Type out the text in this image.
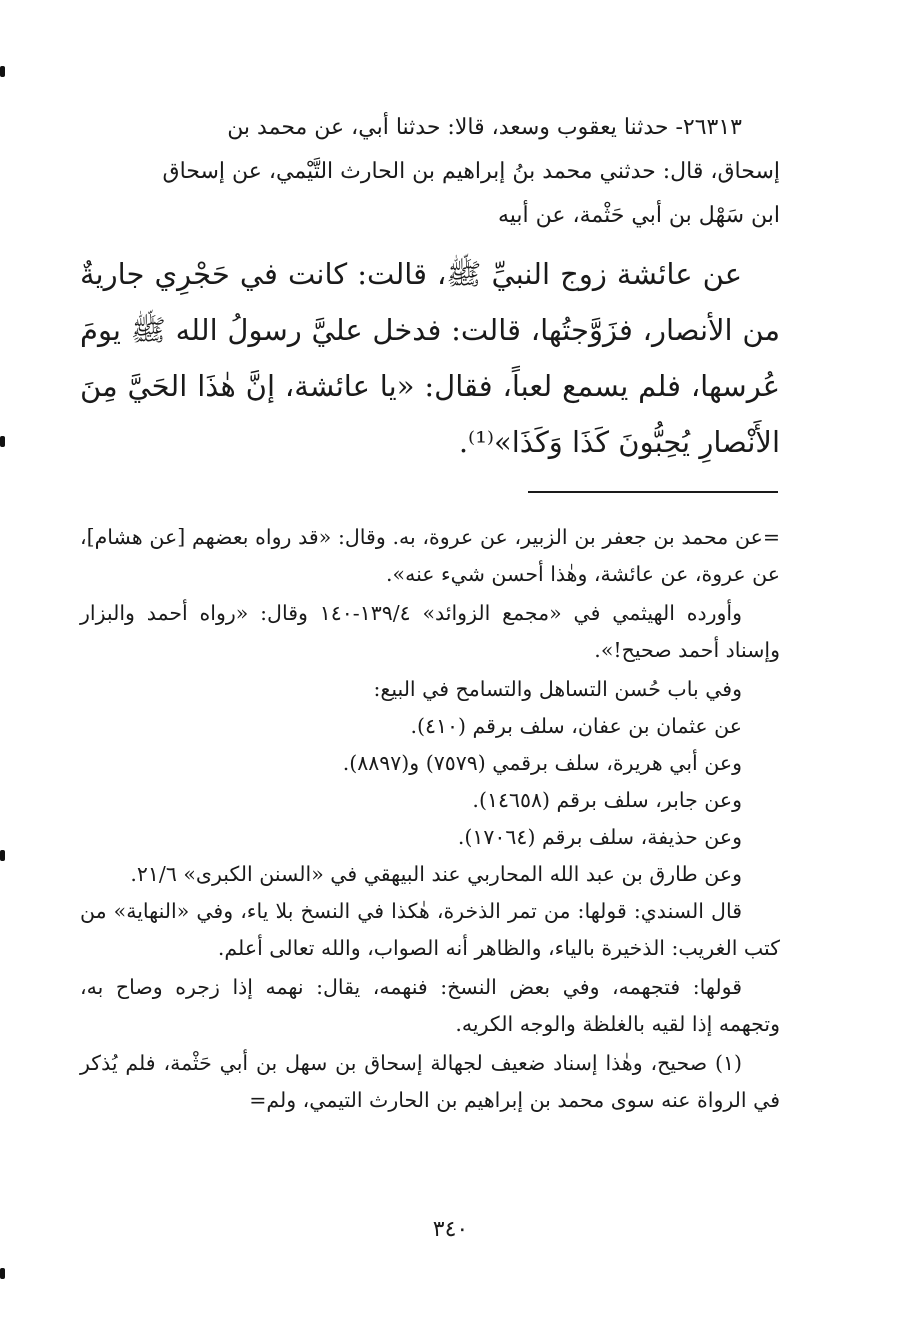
٢٦٣١٣- حدثنا يعقوب وسعد، قالا: حدثنا أبي، عن محمد بن

إسحاق، قال: حدثني محمد بنُ إبراهيم بن الحارث التَّيْمي، عن إسحاق

ابن سَهْل بن أبي حَثْمة، عن أبيه

عن عائشة زوج النبيِّ ﷺ، قالت: كانت في حَجْرِي جاريةٌ من الأنصار، فزَوَّجتُها، قالت: فدخل عليَّ رسولُ الله ﷺ يومَ عُرسها، فلم يسمع لعباً، فقال: «يا عائشة، إنَّ هٰذَا الحَيَّ مِنَ الأَنْصارِ يُحِبُّونَ كَذَا وَكَذَا»⁽¹⁾.

=عن محمد بن جعفر بن الزبير، عن عروة، به. وقال: «قد رواه بعضهم [عن هشام]، عن عروة، عن عائشة، وهٰذا أحسن شيء عنه».

وأورده الهيثمي في «مجمع الزوائد» ١٣٩/٤-١٤٠ وقال: «رواه أحمد والبزار وإسناد أحمد صحيح!».

وفي باب حُسن التساهل والتسامح في البيع:

عن عثمان بن عفان، سلف برقم (٤١٠).

وعن أبي هريرة، سلف برقمي (٧٥٧٩) و(٨٨٩٧).

وعن جابر، سلف برقم (١٤٦٥٨).

وعن حذيفة، سلف برقم (١٧٠٦٤).

وعن طارق بن عبد الله المحاربي عند البيهقي في «السنن الكبرى» ٢١/٦.

قال السندي: قولها: من تمر الذخرة، هٰكذا في النسخ بلا ياء، وفي «النهاية» من كتب الغريب: الذخيرة بالياء، والظاهر أنه الصواب، والله تعالى أعلم.

قولها: فتجهمه، وفي بعض النسخ: فنهمه، يقال: نهمه إذا زجره وصاح به، وتجهمه إذا لقيه بالغلظة والوجه الكريه.

(١) صحيح، وهٰذا إسناد ضعيف لجهالة إسحاق بن سهل بن أبي حَثْمة، فلم يُذكر في الرواة عنه سوى محمد بن إبراهيم بن الحارث التيمي، ولم=

٣٤٠
